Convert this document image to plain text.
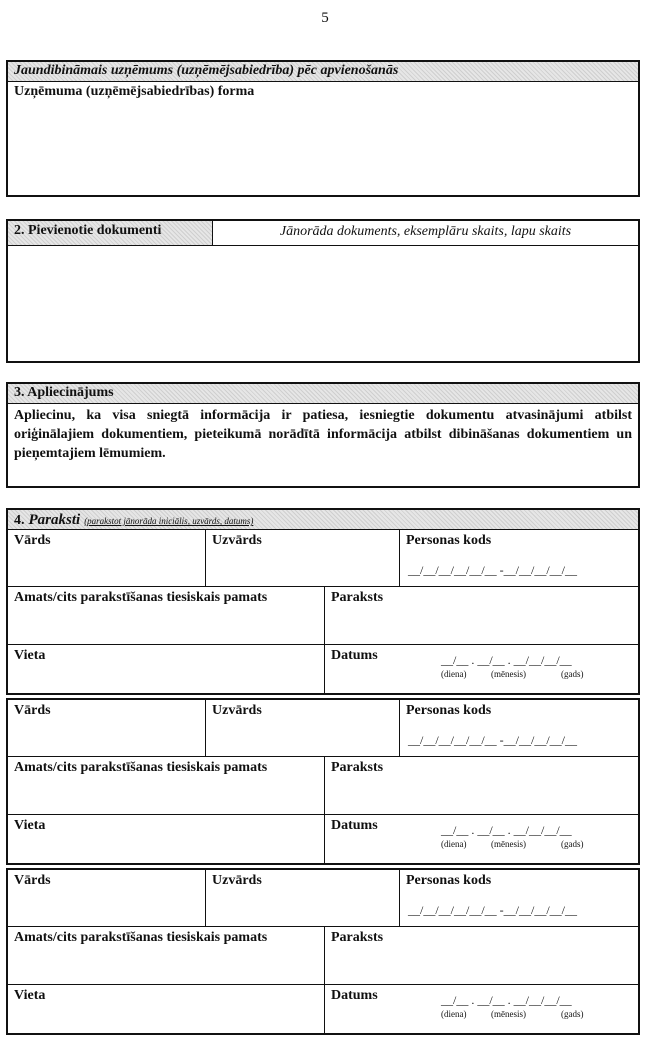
5
Jaundibināmais uzņēmums (uzņēmējsabiedrība) pēc apvienošanās
Uzņēmuma (uzņēmējsabiedrības) forma
2. Pievienotie dokumenti	Jānorāda dokuments, eksemplāru skaits, lapu skaits
3. Apliecinājums
Apliecinu, ka visa sniegtā informācija ir patiesa, iesniegtie dokumentu atvasinājumi atbilst oriģinālajiem dokumentiem, pieteikumā norādītā informācija atbilst dibināšanas dokumentiem un pieņemtajiem lēmumiem.
4. Paraksti (parakstot jānorāda iniciālis, uzvārds, datums)
Vārds	Uzvārds	Personas kods
__/__/__/__/__/__ -__/__/__/__/__
Amats/cits parakstīšanas tiesiskais pamats	Paraksts
Vieta	Datums	__/__ . __/__ . __/__/__/__
(diena)	(mēnesis)	(gads)
Vārds	Uzvārds	Personas kods
__/__/__/__/__/__ -__/__/__/__/__
Amats/cits parakstīšanas tiesiskais pamats	Paraksts
Vieta	Datums	__/__ . __/__ . __/__/__/__
(diena)	(mēnesis)	(gads)
Vārds	Uzvārds	Personas kods
__/__/__/__/__/__ -__/__/__/__/__
Amats/cits parakstīšanas tiesiskais pamats	Paraksts
Vieta	Datums	__/__ . __/__ . __/__/__/__
(diena)	(mēnesis)	(gads)
